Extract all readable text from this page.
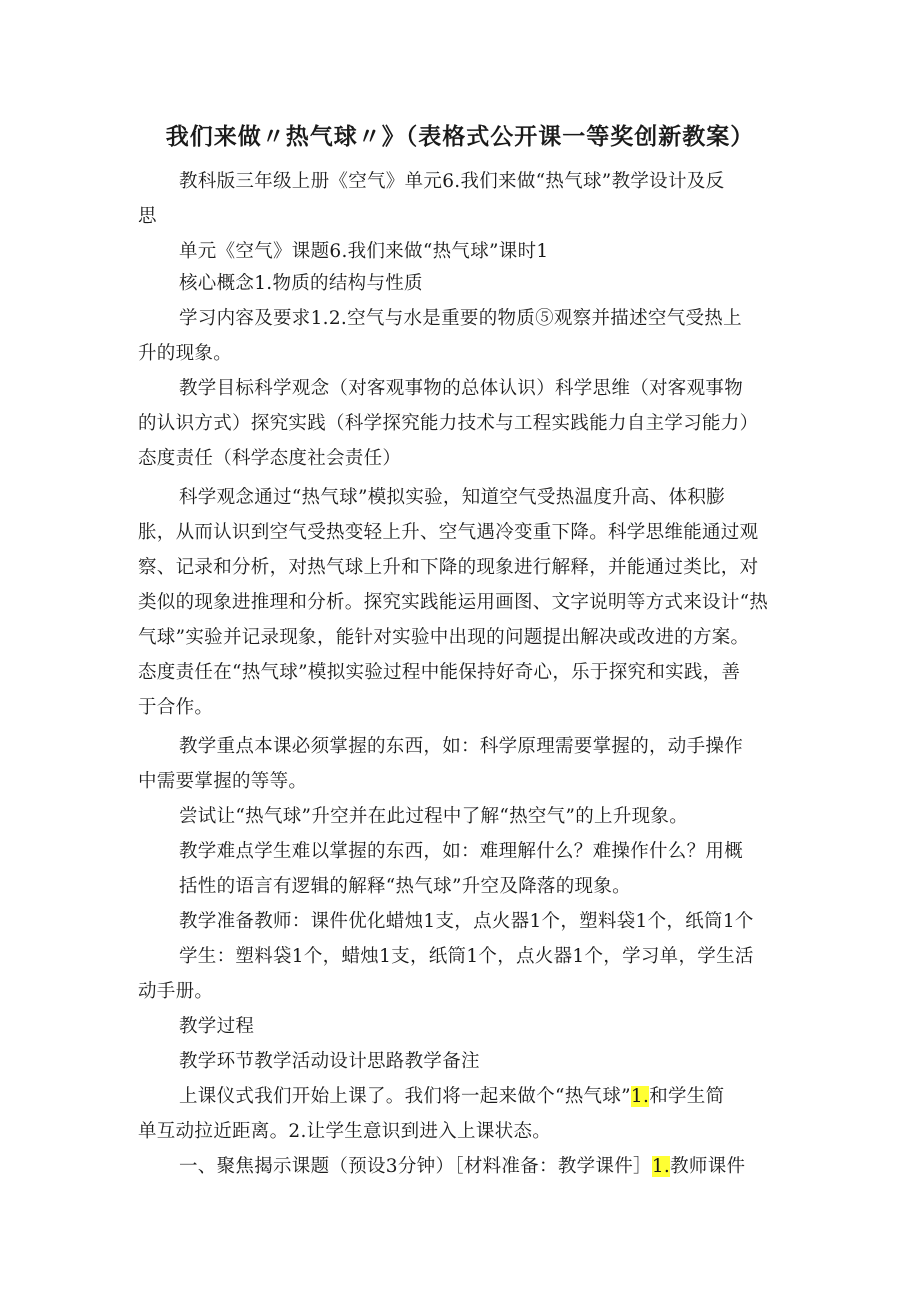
我们来做〃热气球〃》（表格式公开课一等奖创新教案）
教科版三年级上册《空气》单元6.我们来做“热气球”教学设计及反
思
单元《空气》课题6.我们来做“热气球”课时1
核心概念1.物质的结构与性质
学习内容及要求1.2.空气与水是重要的物质⑤观察并描述空气受热上
升的现象。
教学目标科学观念（对客观事物的总体认识）科学思维（对客观事物
的认识方式）探究实践（科学探究能力技术与工程实践能力自主学习能力）
态度责任（科学态度社会责任）
科学观念通过“热气球”模拟实验，知道空气受热温度升高、体积膨
胀，从而认识到空气受热变轻上升、空气遇冷变重下降。科学思维能通过观
察、记录和分析，对热气球上升和下降的现象进行解释，并能通过类比，对
类似的现象进推理和分析。探究实践能运用画图、文字说明等方式来设计“热
气球”实验并记录现象，能针对实验中出现的问题提出解决或改进的方案。
态度责任在“热气球”模拟实验过程中能保持好奇心，乐于探究和实践，善
于合作。
教学重点本课必须掌握的东西，如：科学原理需要掌握的，动手操作
中需要掌握的等等。
尝试让“热气球”升空并在此过程中了解“热空气”的上升现象。
教学难点学生难以掌握的东西，如：难理解什么？难操作什么？用概
括性的语言有逻辑的解释“热气球”升空及降落的现象。
教学准备教师：课件优化蜡烛1支，点火器1个，塑料袋1个，纸筒1个
学生：塑料袋1个，蜡烛1支，纸筒1个，点火器1个，学习单，学生活
动手册。
教学过程
教学环节教学活动设计思路教学备注
上课仪式我们开始上课了。我们将一起来做个“热气球”1.和学生简
单互动拉近距离。2.让学生意识到进入上课状态。
一、聚焦揭示课题（预设3分钟）［材料准备：教学课件］1.教师课件
